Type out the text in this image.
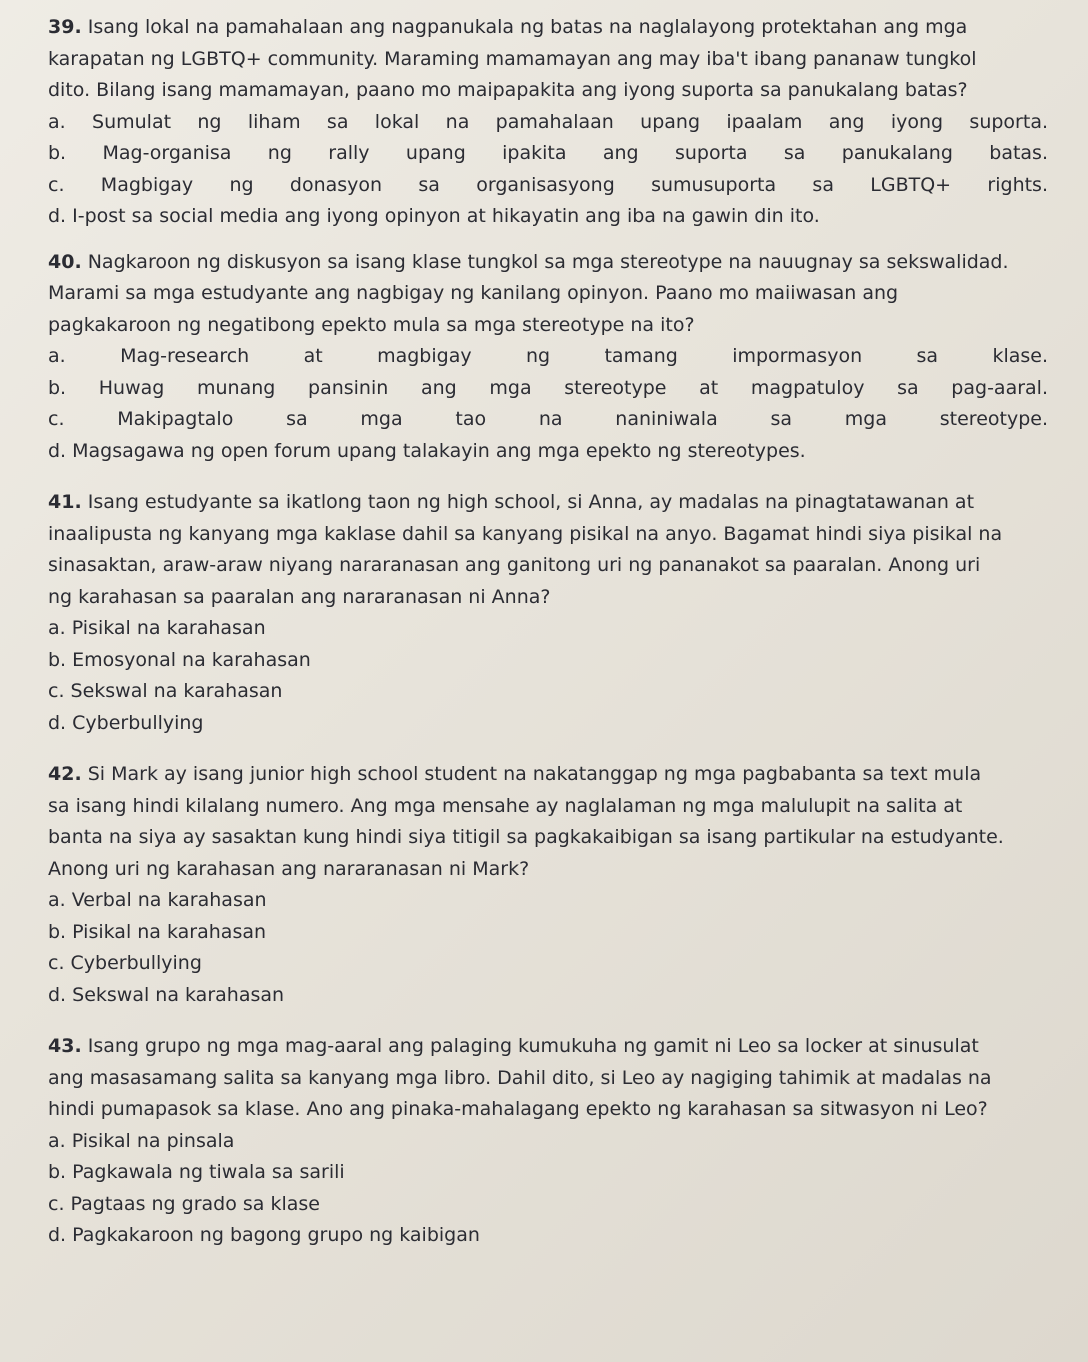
39. Isang lokal na pamahalaan ang nagpanukala ng batas na naglalayong protektahan ang mga
karapatan ng LGBTQ+ community. Maraming mamamayan ang may iba't ibang pananaw tungkol
dito. Bilang isang mamamayan, paano mo maipapakita ang iyong suporta sa panukalang batas?

a. Sumulat ng liham sa lokal na pamahalaan upang ipaalam ang iyong suporta.

b. Mag-organisa ng rally upang ipakita ang suporta sa panukalang batas.

c. Magbigay ng donasyon sa organisasyong sumusuporta sa LGBTQ+ rights.

d. I-post sa social media ang iyong opinyon at hikayatin ang iba na gawin din ito.

40. Nagkaroon ng diskusyon sa isang klase tungkol sa mga stereotype na nauugnay sa sekswalidad.
Marami sa mga estudyante ang nagbigay ng kanilang opinyon. Paano mo maiiwasan ang
pagkakaroon ng negatibong epekto mula sa mga stereotype na ito?

a. Mag-research at magbigay ng tamang impormasyon sa klase.

b. Huwag munang pansinin ang mga stereotype at magpatuloy sa pag-aaral.

c. Makipagtalo sa mga tao na naniniwala sa mga stereotype.

d. Magsagawa ng open forum upang talakayin ang mga epekto ng stereotypes.

41. Isang estudyante sa ikatlong taon ng high school, si Anna, ay madalas na pinagtatawanan at
inaalipusta ng kanyang mga kaklase dahil sa kanyang pisikal na anyo. Bagamat hindi siya pisikal na
sinasaktan, araw-araw niyang nararanasan ang ganitong uri ng pananakot sa paaralan. Anong uri
ng karahasan sa paaralan ang nararanasan ni Anna?

a. Pisikal na karahasan

b. Emosyonal na karahasan

c. Sekswal na karahasan

d. Cyberbullying

42. Si Mark ay isang junior high school student na nakatanggap ng mga pagbabanta sa text mula
sa isang hindi kilalang numero. Ang mga mensahe ay naglalaman ng mga malulupit na salita at
banta na siya ay sasaktan kung hindi siya titigil sa pagkakaibigan sa isang partikular na estudyante.
Anong uri ng karahasan ang nararanasan ni Mark?

a. Verbal na karahasan

b. Pisikal na karahasan

c. Cyberbullying

d. Sekswal na karahasan

43. Isang grupo ng mga mag-aaral ang palaging kumukuha ng gamit ni Leo sa locker at sinusulat
ang masasamang salita sa kanyang mga libro. Dahil dito, si Leo ay nagiging tahimik at madalas na
hindi pumapasok sa klase. Ano ang pinaka-mahalagang epekto ng karahasan sa sitwasyon ni Leo?

a. Pisikal na pinsala

b. Pagkawala ng tiwala sa sarili

c. Pagtaas ng grado sa klase

d. Pagkakaroon ng bagong grupo ng kaibigan
